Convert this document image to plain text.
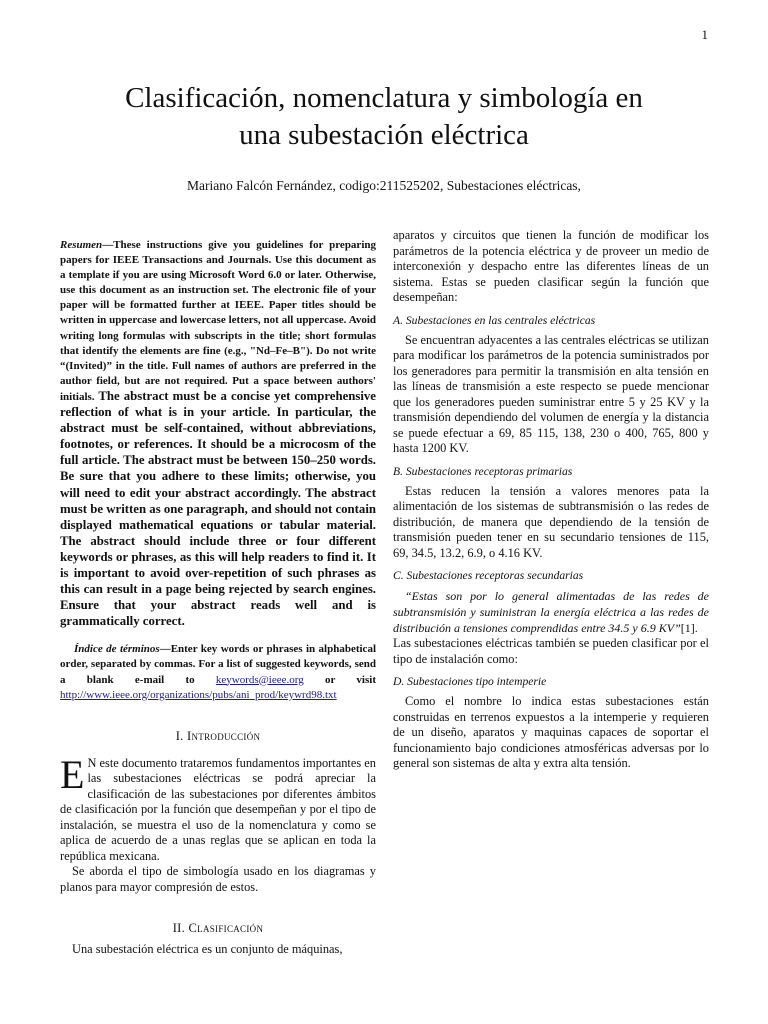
1
Clasificación, nomenclatura y simbología en
una subestación eléctrica
Mariano Falcón Fernández, codigo:211525202, Subestaciones eléctricas,

Resumen—These instructions give you guidelines for preparing papers for IEEE Transactions and Journals. Use this document as a template if you are using Microsoft Word 6.0 or later. Otherwise, use this document as an instruction set. The electronic file of your paper will be formatted further at IEEE. Paper titles should be written in uppercase and lowercase letters, not all uppercase. Avoid writing long formulas with subscripts in the title; short formulas that identify the elements are fine (e.g., "Nd–Fe–B"). Do not write “(Invited)” in the title. Full names of authors are preferred in the author field, but are not required. Put a space between authors' initials. The abstract must be a concise yet comprehensive reflection of what is in your article. In particular, the abstract must be self-contained, without abbreviations, footnotes, or references. It should be a microcosm of the full article. The abstract must be between 150–250 words. Be sure that you adhere to these limits; otherwise, you will need to edit your abstract accordingly. The abstract must be written as one paragraph, and should not contain displayed mathematical equations or tabular material. The abstract should include three or four different keywords or phrases, as this will help readers to find it. It is important to avoid over-repetition of such phrases as this can result in a page being rejected by search engines. Ensure that your abstract reads well and is grammatically correct.

Índice de términos—Enter key words or phrases in alphabetical order, separated by commas. For a list of suggested keywords, send a blank e-mail to keywords@ieee.org or visit http://www.ieee.org/organizations/pubs/ani_prod/keywrd98.txt

I. Introducción

E N este documento trataremos fundamentos importantes en las subestaciones eléctricas se podrá apreciar la clasificación de las subestaciones por diferentes ámbitos de clasificación por la función que desempeñan y por el tipo de instalación, se muestra el uso de la nomenclatura y como se aplica de acuerdo de a unas reglas que se aplican en toda la república mexicana.

Se aborda el tipo de simbología usado en los diagramas y planos para mayor compresión de estos.

II. Clasificación

Una subestación eléctrica es un conjunto de máquinas,

aparatos y circuitos que tienen la función de modificar los parámetros de la potencia eléctrica y de proveer un medio de interconexión y despacho entre las diferentes líneas de un sistema. Estas se pueden clasificar según la función que desempeñan:

A. Subestaciones en las centrales eléctricas

Se encuentran adyacentes a las centrales eléctricas se utilizan para modificar los parámetros de la potencia suministrados por los generadores para permitir la transmisión en alta tensión en las líneas de transmisión a este respecto se puede mencionar que los generadores pueden suministrar entre 5 y 25 KV y la transmisión dependiendo del volumen de energía y la distancia se puede efectuar a 69, 85 115, 138, 230 o 400, 765, 800 y hasta 1200 KV.

B. Subestaciones receptoras primarias

Estas reducen la tensión a valores menores pata la alimentación de los sistemas de subtransmisión o las redes de distribución, de manera que dependiendo de la tensión de transmisión pueden tener en su secundario tensiones de 115, 69, 34.5, 13.2, 6.9, o 4.16 KV.

C. Subestaciones receptoras secundarias

“Estas son por lo general alimentadas de las redes de subtransmisión y suministran la energía eléctrica a las redes de distribución a tensiones comprendidas entre 34.5 y 6.9 KV”[1].

Las subestaciones eléctricas también se pueden clasificar por el tipo de instalación como:

D. Subestaciones tipo intemperie

Como el nombre lo indica estas subestaciones están construidas en terrenos expuestos a la intemperie y requieren de un diseño, aparatos y maquinas capaces de soportar el funcionamiento bajo condiciones atmosféricas adversas por lo general son sistemas de alta y extra alta tensión.
